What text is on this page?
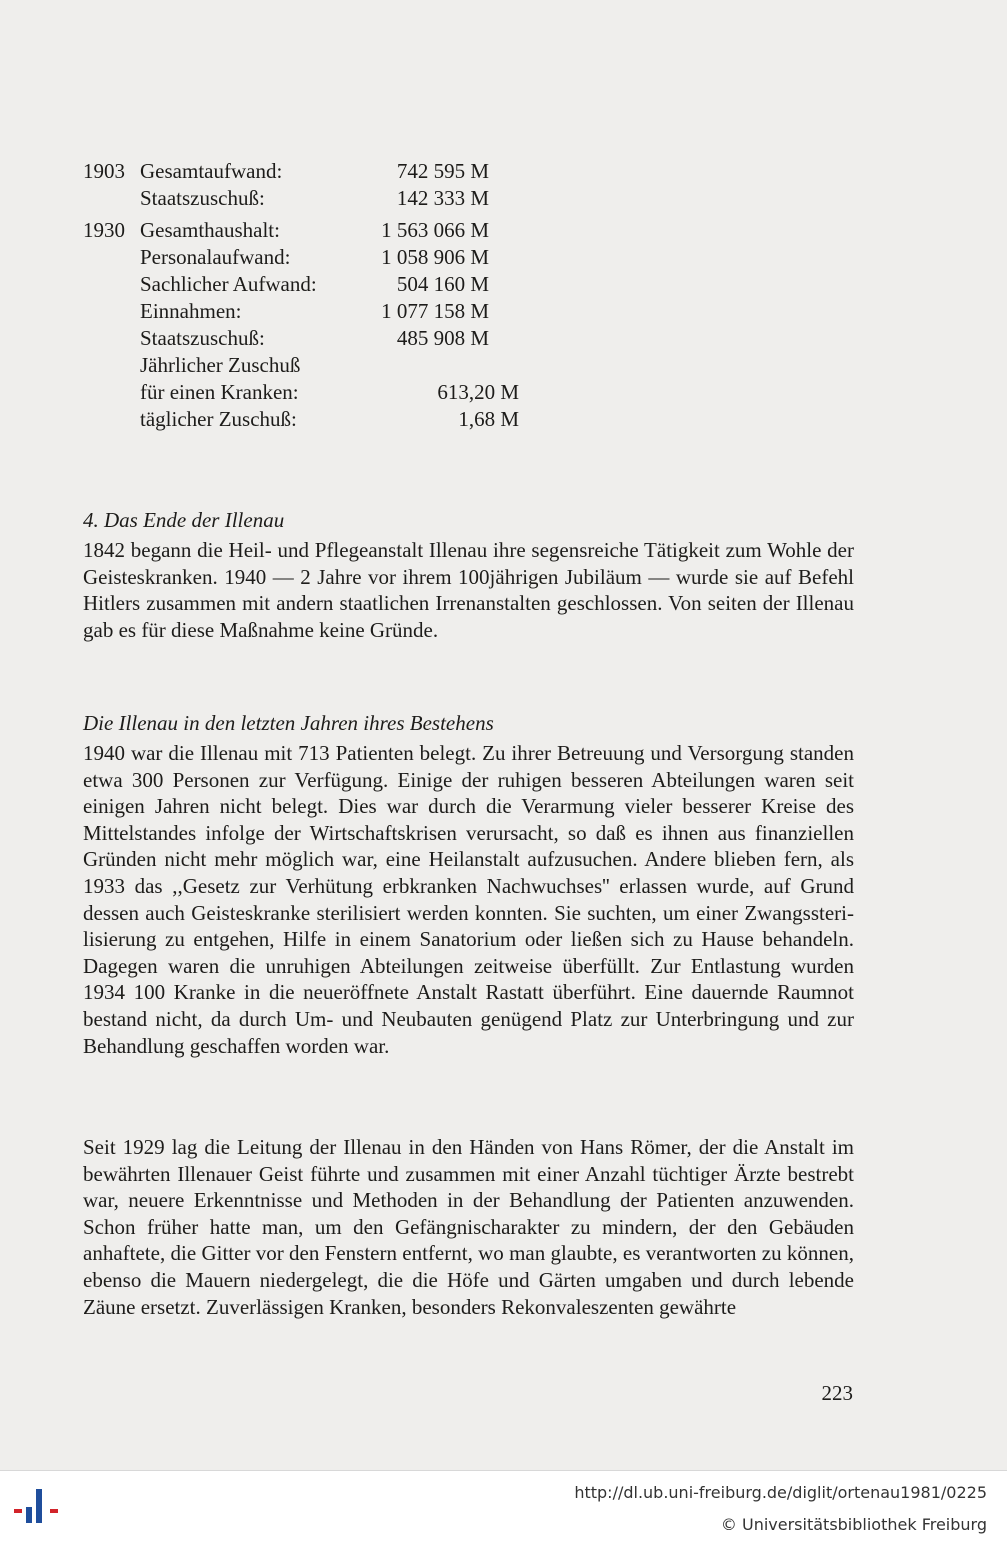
1903 Gesamtaufwand:	742 595 M
Staatszuschuß:	142 333 M
1930 Gesamthaushalt:	1 563 066 M
Personalaufwand:	1 058 906 M
Sachlicher Aufwand:	504 160 M
Einnahmen:	1 077 158 M
Staatszuschuß:	485 908 M
Jährlicher Zuschuß
für einen Kranken:	613,20 M
täglicher Zuschuß:	1,68 M
4. Das Ende der Illenau

1842 begann die Heil- und Pflegeanstalt Illenau ihre segensreiche Tätigkeit zum Wohle der Geisteskranken. 1940 — 2 Jahre vor ihrem 100jährigen Jubiläum — wurde sie auf Befehl Hitlers zusammen mit andern staatlichen Irrenanstalten geschlossen. Von seiten der Illenau gab es für diese Maßnahme keine Gründe.

Die Illenau in den letzten Jahren ihres Bestehens

1940 war die Illenau mit 713 Patienten belegt. Zu ihrer Betreuung und Versorgung standen etwa 300 Personen zur Verfügung. Einige der ruhigen besseren Abteilungen waren seit einigen Jahren nicht belegt. Dies war durch die Verarmung vieler besserer Kreise des Mittelstandes infolge der Wirtschaftskrisen verursacht, so daß es ihnen aus finanziellen Gründen nicht mehr möglich war, eine Heilanstalt aufzusuchen. Andere blieben fern, als 1933 das ,,Gesetz zur Verhütung erbkranken Nachwuchses'' erlassen wurde, auf Grund dessen auch Geisteskranke sterilisiert werden konnten. Sie suchten, um einer Zwangssterilisierung zu entgehen, Hilfe in einem Sanatorium oder ließen sich zu Hause behandeln. Dagegen waren die unruhigen Abteilungen zeitweise überfüllt. Zur Entlastung wurden 1934 100 Kranke in die neueröffnete Anstalt Rastatt überführt. Eine dauernde Raumnot bestand nicht, da durch Um- und Neubauten genügend Platz zur Unterbringung und zur Behandlung geschaffen worden war.

Seit 1929 lag die Leitung der Illenau in den Händen von Hans Römer, der die Anstalt im bewährten Illenauer Geist führte und zusammen mit einer Anzahl tüchtiger Ärzte bestrebt war, neuere Erkenntnisse und Methoden in der Behandlung der Patienten anzuwenden. Schon früher hatte man, um den Gefängnischarakter zu mindern, der den Gebäuden anhaftete, die Gitter vor den Fenstern entfernt, wo man glaubte, es verantworten zu können, ebenso die Mauern niedergelegt, die die Höfe und Gärten umgaben und durch lebende Zäune ersetzt. Zuverlässigen Kranken, besonders Rekonvaleszenten gewährte

223
http://dl.ub.uni-freiburg.de/diglit/ortenau1981/0225
© Universitätsbibliothek Freiburg
